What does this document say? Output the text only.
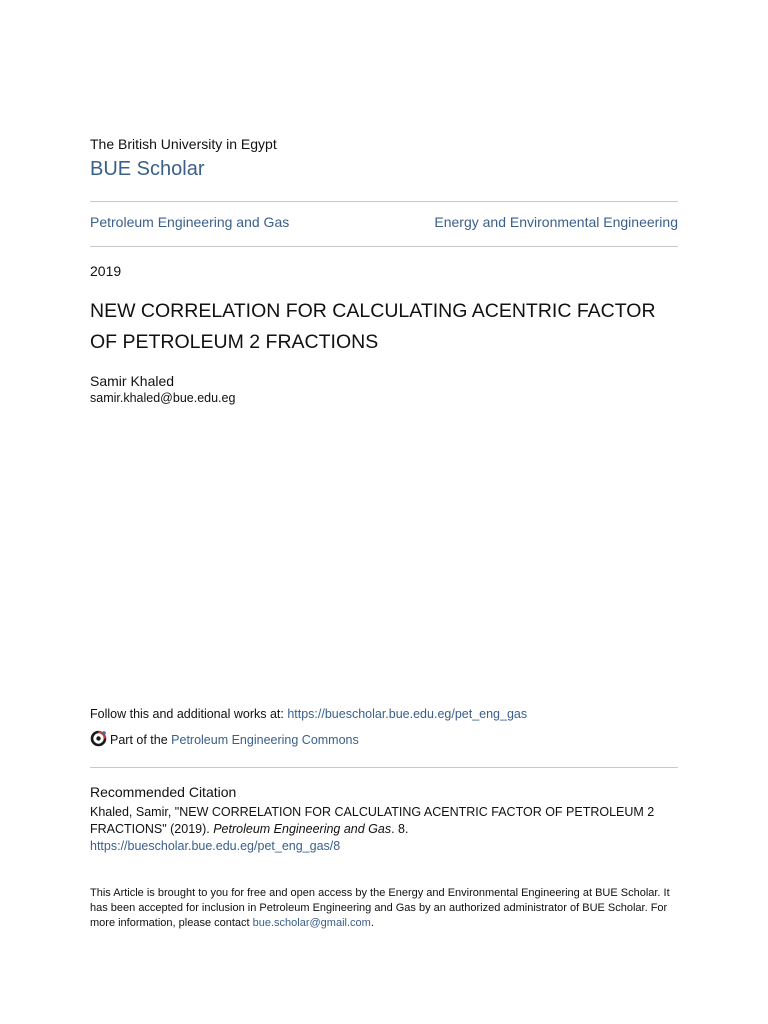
The British University in Egypt
BUE Scholar
Petroleum Engineering and Gas	Energy and Environmental Engineering
2019
NEW CORRELATION FOR CALCULATING ACENTRIC FACTOR OF PETROLEUM 2 FRACTIONS
Samir Khaled
samir.khaled@bue.edu.eg
Follow this and additional works at: https://buescholar.bue.edu.eg/pet_eng_gas
Part of the Petroleum Engineering Commons
Recommended Citation
Khaled, Samir, "NEW CORRELATION FOR CALCULATING ACENTRIC FACTOR OF PETROLEUM 2 FRACTIONS" (2019). Petroleum Engineering and Gas. 8.
https://buescholar.bue.edu.eg/pet_eng_gas/8
This Article is brought to you for free and open access by the Energy and Environmental Engineering at BUE Scholar. It has been accepted for inclusion in Petroleum Engineering and Gas by an authorized administrator of BUE Scholar. For more information, please contact bue.scholar@gmail.com.
